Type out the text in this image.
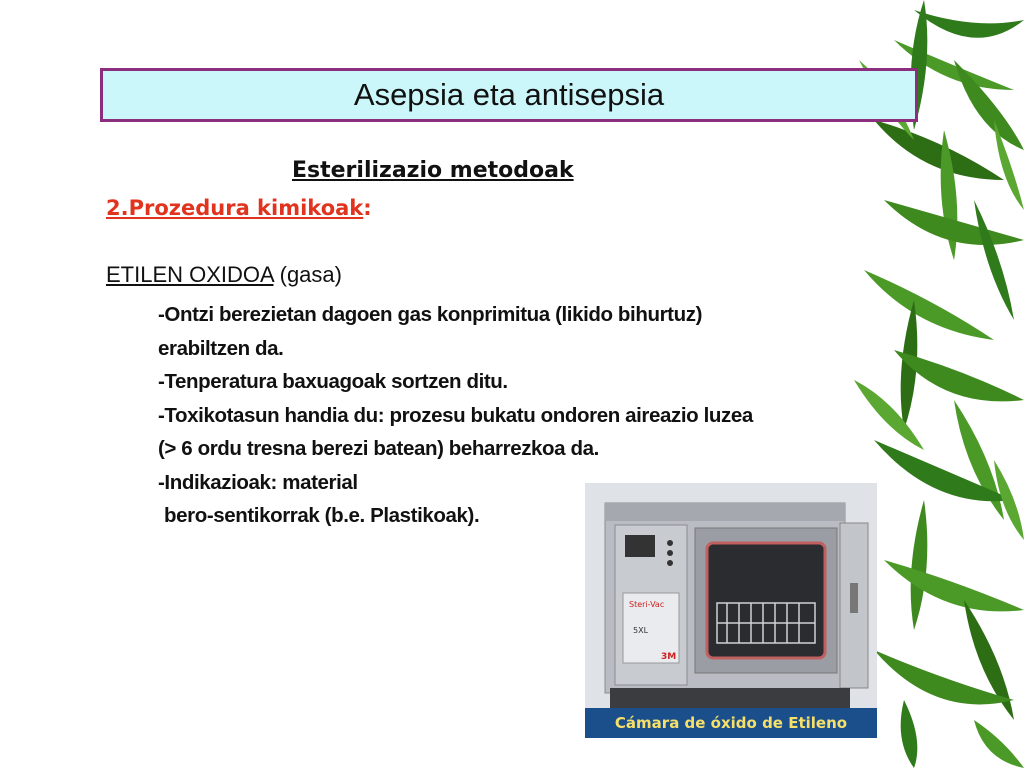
Asepsia eta antisepsia
Esterilizazio metodoak
2.Prozedura kimikoak:
ETILEN OXIDOA (gasa)
-Ontzi berezietan dagoen gas konprimitua (likido bihurtuz)
erabiltzen da.
-Tenperatura baxuagoak sortzen ditu.
-Toxikotasun handia du: prozesu bukatu ondoren aireazio luzea
(> 6 ordu tresna berezi batean) beharrezkoa da.
-Indikazioak: material
bero-sentikorrak (b.e. Plastikoak).
Steri-Vac
5XL
3M
Cámara de óxido de Etileno
